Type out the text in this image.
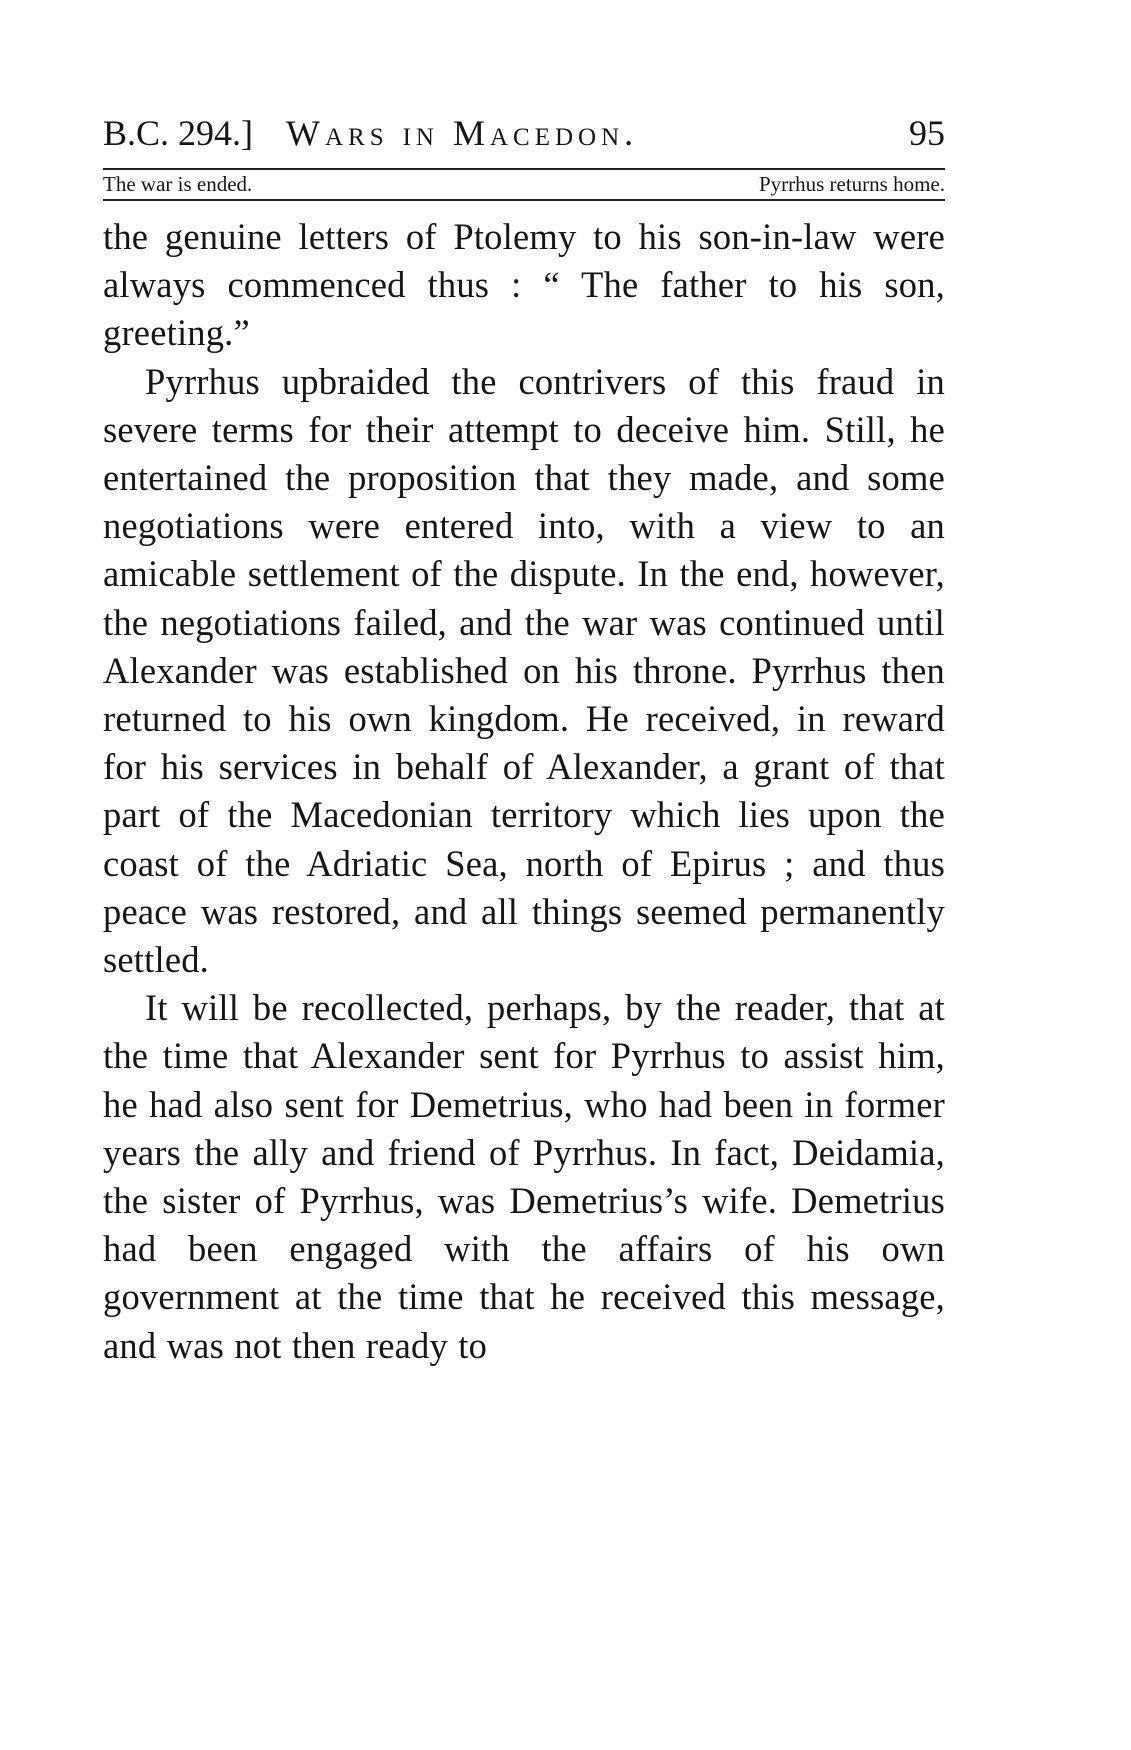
B.C. 294.] Wars in Macedon.	95
The war is ended.	Pyrrhus returns home.

the genuine letters of Ptolemy to his son-in-law were always commenced thus : “ The father to his son, greeting.”

Pyrrhus upbraided the contrivers of this fraud in severe terms for their attempt to deceive him. Still, he entertained the proposition that they made, and some negotiations were entered into, with a view to an amicable settlement of the dispute. In the end, however, the negotiations failed, and the war was continued until Alexander was established on his throne. Pyrrhus then returned to his own kingdom. He received, in reward for his services in behalf of Alexander, a grant of that part of the Macedonian territory which lies upon the coast of the Adriatic Sea, north of Epirus ; and thus peace was restored, and all things seemed permanently settled.

It will be recollected, perhaps, by the reader, that at the time that Alexander sent for Pyrrhus to assist him, he had also sent for Demetrius, who had been in former years the ally and friend of Pyrrhus. In fact, Deidamia, the sister of Pyrrhus, was Demetrius’s wife. Demetrius had been engaged with the affairs of his own government at the time that he received this message, and was not then ready to
